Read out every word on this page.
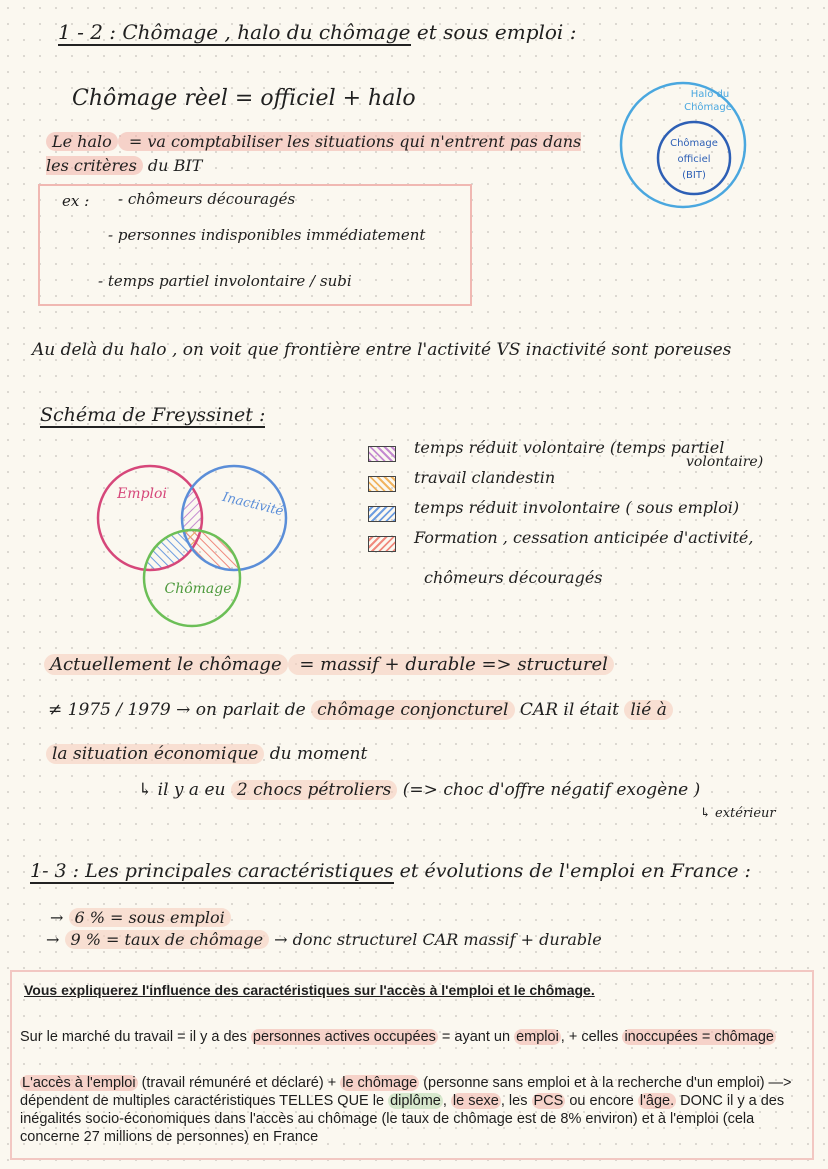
1 - 2 : Chômage , halo du chômage et sous emploi :
Chômage rèel = officiel + halo
Le halo = va comptabiliser les situations qui n'entrent pas dans les critères du BIT
Halo du
Chômage
Chômage
officiel
(BIT)
ex : - chômeurs découragés
- personnes indisponibles immédiatement
- temps partiel involontaire / subi
Au delà du halo , on voit que frontière entre l'activité VS inactivité sont poreuses
Schéma de Freyssinet :
Emploi	Inactivité
Chômage
temps réduit volontaire (temps partiel
volontaire)
travail clandestin
temps réduit involontaire ( sous emploi)
Formation , cessation anticipée d'activité,
chômeurs découragés
Actuellement le chômage = massif + durable => structurel
≠ 1975 / 1979 → on parlait de chômage conjoncturel CAR il était lié à
la situation économique du moment
↳ il y a eu 2 chocs pétroliers (=> choc d'offre négatif exogène )
↳ extérieur
1- 3 : Les principales caractéristiques et évolutions de l'emploi en France :
→ 6 % = sous emploi
→ 9 % = taux de chômage → donc structurel CAR massif + durable
Vous expliquerez l'influence des caractéristiques sur l'accès à l'emploi et le chômage.
Sur le marché du travail = il y a des personnes actives occupées = ayant un emploi , + celles inoccupées = chômage
L'accès à l'emploi (travail rémunéré et déclaré) + le chômage (personne sans emploi et à la recherche d'un emploi) —> dépendent de multiples caractéristiques TELLES QUE le diplôme , le sexe , les PCS ou encore l'âge. DONC il y a des inégalités socio-économiques dans l'accès au chômage (le taux de chômage est de 8% environ) et à l'emploi (cela concerne 27 millions de personnes) en France
